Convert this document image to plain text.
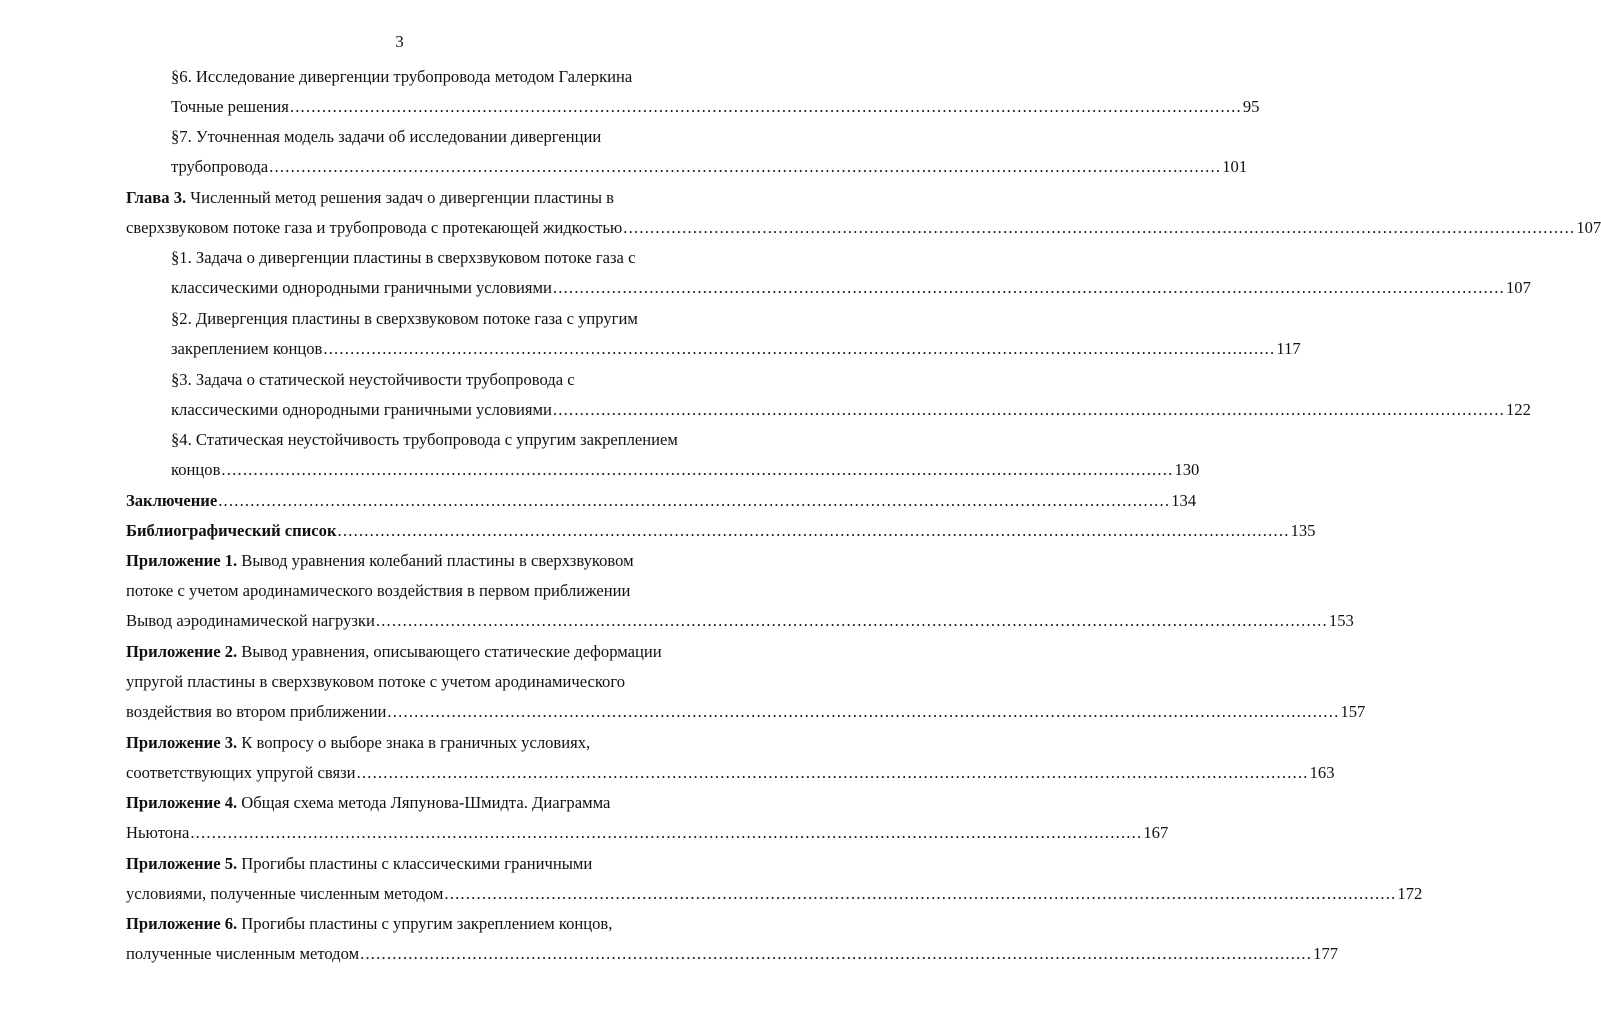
3
§6. Исследование дивергенции трубопровода методом Галеркина
Точные решения .................................................................................................................................................................................. 95
§7. Уточненная модель задачи об исследовании дивергенции
трубопровода .................................................................................................................................................................................. 101
Глава 3. Численный метод решения задач о дивергенции пластины в
сверхзвуковом потоке газа и трубопровода с протекающей жидкостью .................................................................................................................................................................................. 107
§1. Задача о дивергенции пластины в сверхзвуковом потоке газа с
классическими однородными граничными условиями .................................................................................................................................................................................. 107
§2. Дивергенция пластины в сверхзвуковом потоке газа с упругим
закреплением концов .................................................................................................................................................................................. 117
§3. Задача о статической неустойчивости трубопровода с
классическими однородными граничными условиями .................................................................................................................................................................................. 122
§4. Статическая неустойчивость трубопровода с упругим закреплением
концов .................................................................................................................................................................................. 130
Заключение .................................................................................................................................................................................. 134
Библиографический список .................................................................................................................................................................................. 135
Приложение 1. Вывод уравнения колебаний пластины в сверхзвуковом
потоке с учетом ародинамического воздействия в первом приближении
Вывод аэродинамической нагрузки .................................................................................................................................................................................. 153
Приложение 2. Вывод уравнения, описывающего статические деформации
упругой пластины в сверхзвуковом потоке с учетом ародинамического
воздействия во втором приближении .................................................................................................................................................................................. 157
Приложение 3. К вопросу о выборе знака в граничных условиях,
соответствующих упругой связи .................................................................................................................................................................................. 163
Приложение 4. Общая схема метода Ляпунова-Шмидта. Диаграмма
Ньютона .................................................................................................................................................................................. 167
Приложение 5. Прогибы пластины с классическими граничными
условиями, полученные численным методом .................................................................................................................................................................................. 172
Приложение 6. Прогибы пластины с упругим закреплением концов,
полученные численным методом .................................................................................................................................................................................. 177
